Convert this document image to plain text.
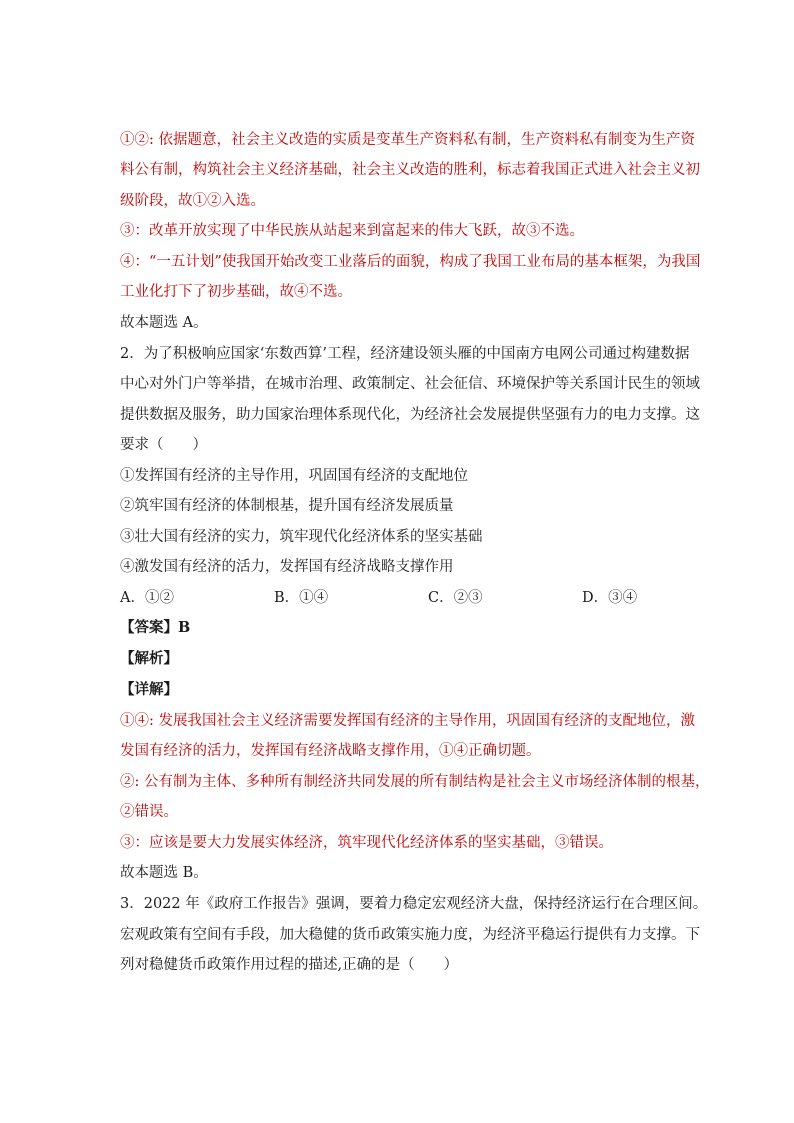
①②: 依据题意，社会主义改造的实质是变革生产资料私有制，生产资料私有制变为生产资
料公有制，构筑社会主义经济基础，社会主义改造的胜利，标志着我国正式进入社会主义初
级阶段，故①②入选。
③：改革开放实现了中华民族从站起来到富起来的伟大飞跃，故③不选。
④：“一五计划”使我国开始改变工业落后的面貌，构成了我国工业布局的基本框架，为我国
工业化打下了初步基础，故④不选。
故本题选 A。
2．为了积极响应国家‘东数西算’工程，经济建设领头雁的中国南方电网公司通过构建数据
中心对外门户等举措，在城市治理、政策制定、社会征信、环境保护等关系国计民生的领域
提供数据及服务，助力国家治理体系现代化，为经济社会发展提供坚强有力的电力支撑。这
要求（　　）
①发挥国有经济的主导作用，巩固国有经济的支配地位
②筑牢国有经济的体制根基，提升国有经济发展质量
③壮大国有经济的实力，筑牢现代化经济体系的坚实基础
④激发国有经济的活力，发挥国有经济战略支撑作用
A．①②	B．①④	C．②③	D．③④
【答案】B
【解析】
【详解】
①④: 发展我国社会主义经济需要发挥国有经济的主导作用，巩固国有经济的支配地位，激
发国有经济的活力，发挥国有经济战略支撑作用，①④正确切题。
②: 公有制为主体、多种所有制经济共同发展的所有制结构是社会主义市场经济体制的根基，
②错误。
③：应该是要大力发展实体经济，筑牢现代化经济体系的坚实基础，③错误。
故本题选 B。
3．2022 年《政府工作报告》强调，要着力稳定宏观经济大盘，保持经济运行在合理区间。
宏观政策有空间有手段，加大稳健的货币政策实施力度，为经济平稳运行提供有力支撑。下
列对稳健货币政策作用过程的描述,正确的是（　　）
